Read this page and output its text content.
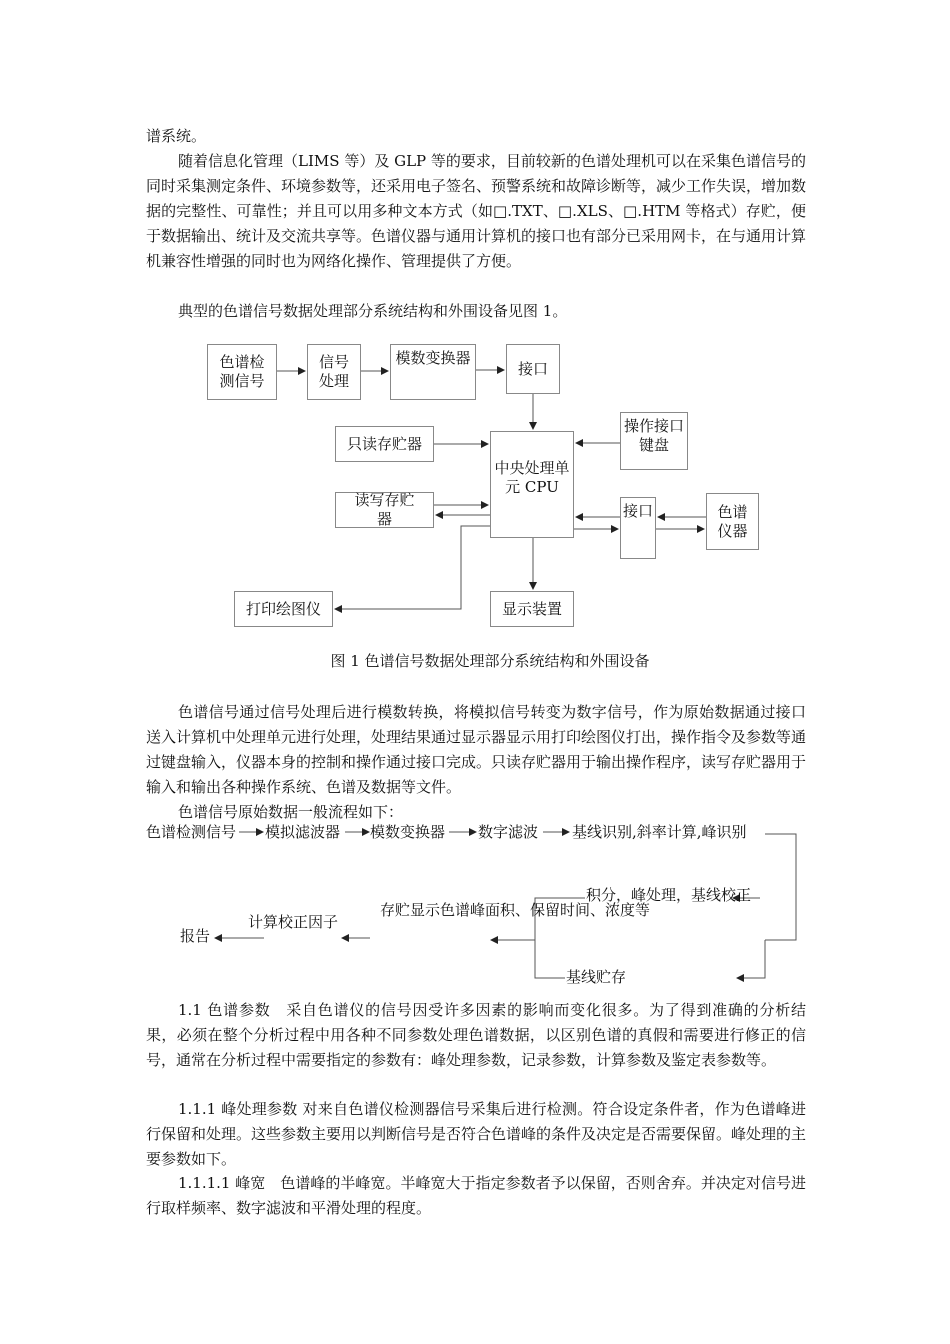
谱系统。

随着信息化管理（LIMS 等）及 GLP 等的要求，目前较新的色谱处理机可以在采集色谱信号的同时采集测定条件、环境参数等，还采用电子签名、预警系统和故障诊断等，减少工作失误，增加数据的完整性、可靠性；并且可以用多种文本方式（如□.TXT、□.XLS、□.HTM 等格式）存贮，便于数据输出、统计及交流共享等。色谱仪器与通用计算机的接口也有部分已采用网卡，在与通用计算机兼容性增强的同时也为网络化操作、管理提供了方便。

典型的色谱信号数据处理部分系统结构和外围设备见图 1。

色谱检
测信号
信号
处理
模数变换器
接口
只读存贮器
操作接口键盘
中央处理单元 CPU
读写存贮
器	接口	色谱
仪器
打印绘图仪	显示装置

图 1 色谱信号数据处理部分系统结构和外围设备

色谱信号通过信号处理后进行模数转换，将模拟信号转变为数字信号，作为原始数据通过接口送入计算机中处理单元进行处理，处理结果通过显示器显示用打印绘图仪打出，操作指令及参数等通过键盘输入，仪器本身的控制和操作通过接口完成。只读存贮器用于输出操作程序，读写存贮器用于输入和输出各种操作系统、色谱及数据等文件。

色谱信号原始数据一般流程如下：

色谱检测信号 模拟滤波器 模数变换器 数字滤波 基线识别,斜率计算,峰识别
积分，峰处理，基线校正
存贮显示色谱峰面积、保留时间、浓度等
计算校正因子
报告
基线贮存

1.1 色谱参数　采自色谱仪的信号因受许多因素的影响而变化很多。为了得到准确的分析结果，必须在整个分析过程中用各种不同参数处理色谱数据，以区别色谱的真假和需要进行修正的信号，通常在分析过程中需要指定的参数有：峰处理参数，记录参数，计算参数及鉴定表参数等。

1.1.1 峰处理参数 对来自色谱仪检测器信号采集后进行检测。符合设定条件者，作为色谱峰进行保留和处理。这些参数主要用以判断信号是否符合色谱峰的条件及决定是否需要保留。峰处理的主要参数如下。

1.1.1.1 峰宽　色谱峰的半峰宽。半峰宽大于指定参数者予以保留，否则舍弃。并决定对信号进行取样频率、数字滤波和平滑处理的程度。
